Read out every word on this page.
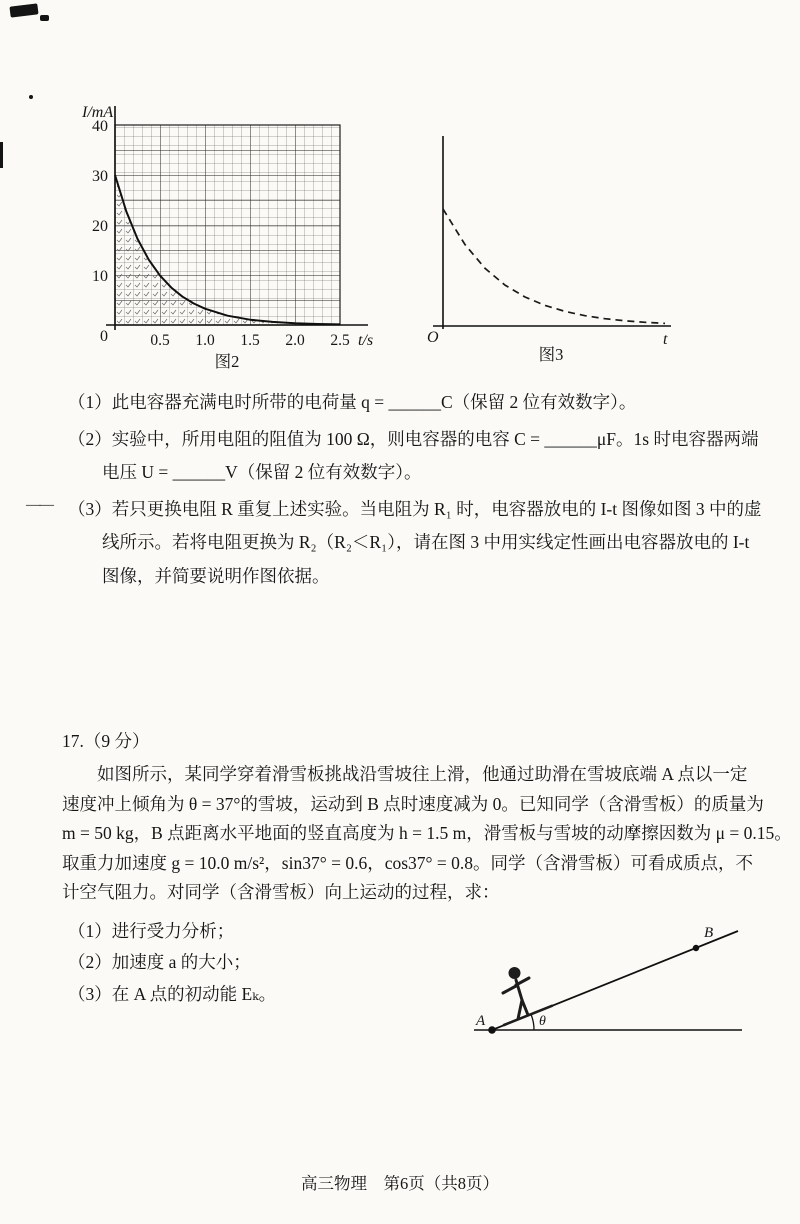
I/mA
40
30
20
10
0	0.5 1.0 1.5 2.0 2.5 t/s
图2
O	t
图3
（1）此电容器充满电时所带的电荷量 q = ______C（保留 2 位有效数字）。
（2）实验中，所用电阻的阻值为 100 Ω，则电容器的电容 C = ______μF。1s 时电容器两端
电压 U = ______V（保留 2 位有效数字）。
（3）若只更换电阻 R 重复上述实验。当电阻为 R₁ 时，电容器放电的 I-t 图像如图 3 中的虚
线所示。若将电阻更换为 R₂（R₂＜R₁），请在图 3 中用实线定性画出电容器放电的 I-t
图像，并简要说明作图依据。
——
17.（9 分）
如图所示，某同学穿着滑雪板挑战沿雪坡往上滑，他通过助滑在雪坡底端 A 点以一定
速度冲上倾角为 θ = 37°的雪坡，运动到 B 点时速度减为 0。已知同学（含滑雪板）的质量为
m = 50 kg，B 点距离水平地面的竖直高度为 h = 1.5 m，滑雪板与雪坡的动摩擦因数为 μ = 0.15。
取重力加速度 g = 10.0 m/s²，sin37° = 0.6，cos37° = 0.8。同学（含滑雪板）可看成质点，不
计空气阻力。对同学（含滑雪板）向上运动的过程，求：
（1）进行受力分析；
（2）加速度 a 的大小；
（3）在 A 点的初动能 Eₖ。
A
B
θ
高三物理　第6页（共8页）
